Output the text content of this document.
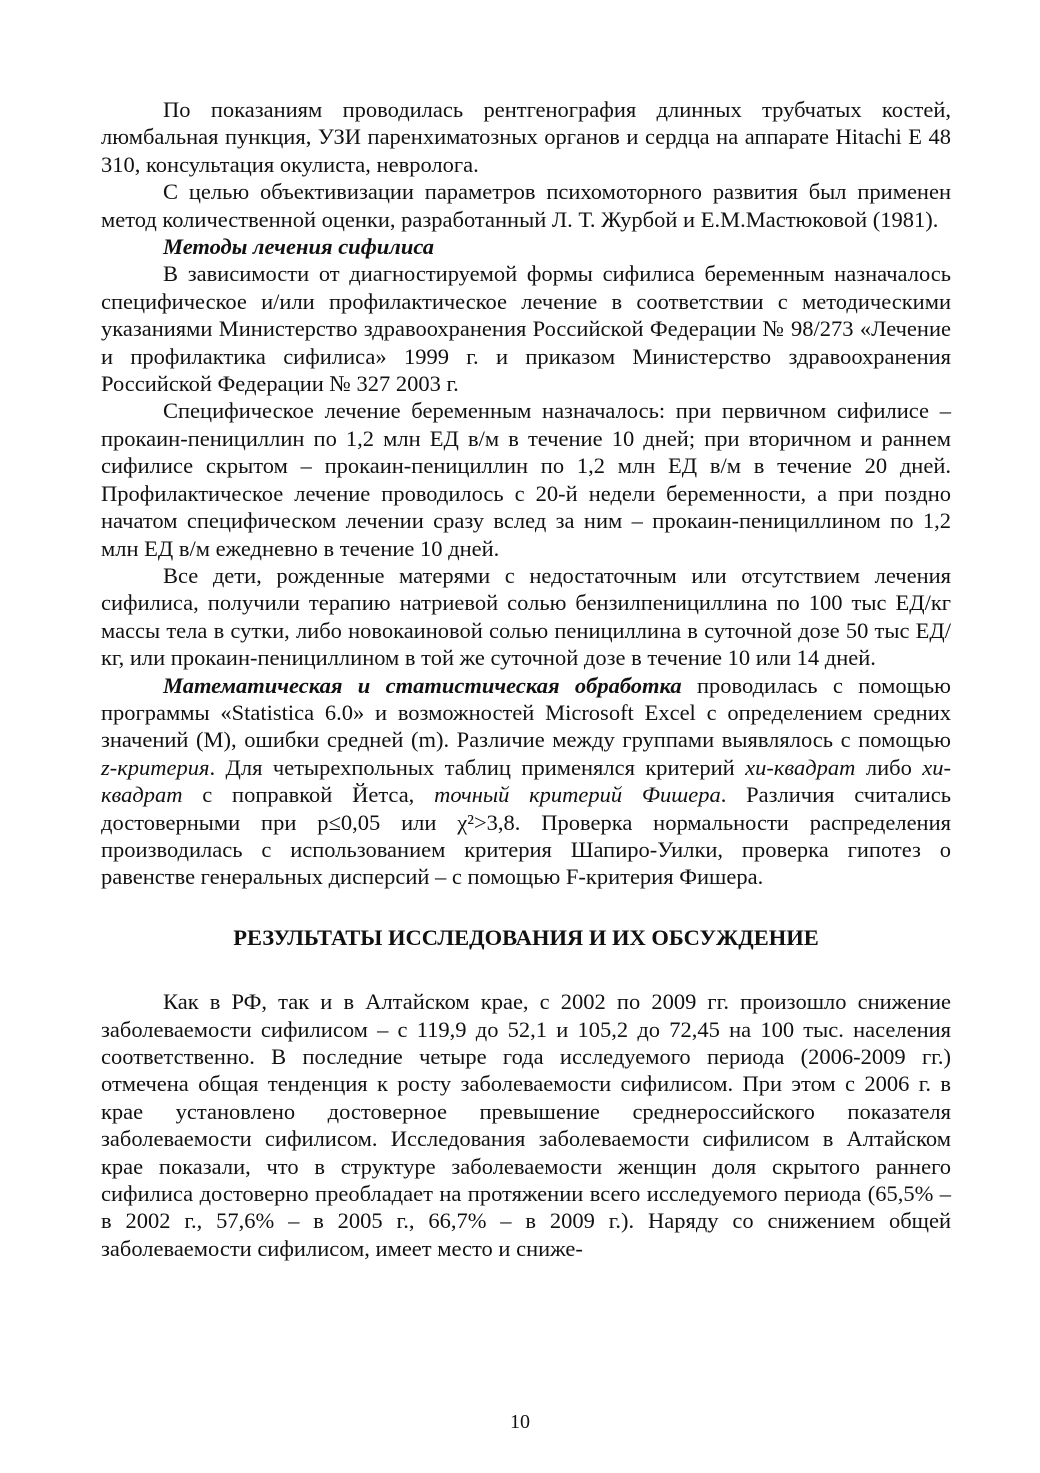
По показаниям проводилась рентгенография длинных трубчатых костей, люмбальная пункция, УЗИ паренхиматозных органов и сердца на аппарате Hitachi E 48 310, консультация окулиста, невролога.

С целью объективизации параметров психомоторного развития был применен метод количественной оценки, разработанный Л. Т. Журбой и Е.М.Мастюковой (1981).

Методы лечения сифилиса

В зависимости от диагностируемой формы сифилиса беременным назначалось специфическое и/или профилактическое лечение в соответствии с методическими указаниями Министерство здравоохранения Российской Федерации № 98/273 «Лечение и профилактика сифилиса» 1999 г. и приказом Министерство здравоохранения Российской Федерации № 327 2003 г.

Специфическое лечение беременным назначалось: при первичном сифилисе – прокаин-пенициллин по 1,2 млн ЕД в/м в течение 10 дней; при вторичном и раннем сифилисе скрытом – прокаин-пенициллин по 1,2 млн ЕД в/м в течение 20 дней. Профилактическое лечение проводилось с 20-й недели беременности, а при поздно начатом специфическом лечении сразу вслед за ним – прокаин-пенициллином по 1,2 млн ЕД в/м ежедневно в течение 10 дней.

Все дети, рожденные матерями с недостаточным или отсутствием лечения сифилиса, получили терапию натриевой солью бензилпенициллина по 100 тыс ЕД/кг массы тела в сутки, либо новокаиновой солью пенициллина в суточной дозе 50 тыс ЕД/кг, или прокаин-пенициллином в той же суточной дозе в течение 10 или 14 дней.

Математическая и статистическая обработка проводилась с помощью программы «Statistica 6.0» и возможностей Microsoft Excel с определением средних значений (M), ошибки средней (m). Различие между группами выявлялось с помощью z-критерия. Для четырехпольных таблиц применялся критерий хи-квадрат либо хи-квадрат с поправкой Йетса, точный критерий Фишера. Различия считались достоверными при p≤0,05 или χ²>3,8. Проверка нормальности распределения производилась с использованием критерия Шапиро-Уилки, проверка гипотез о равенстве генеральных дисперсий – с помощью F-критерия Фишера.

РЕЗУЛЬТАТЫ ИССЛЕДОВАНИЯ И ИХ ОБСУЖДЕНИЕ

Как в РФ, так и в Алтайском крае, с 2002 по 2009 гг. произошло снижение заболеваемости сифилисом – с 119,9 до 52,1 и 105,2 до 72,45 на 100 тыс. населения соответственно. В последние четыре года исследуемого периода (2006-2009 гг.) отмечена общая тенденция к росту заболеваемости сифилисом. При этом с 2006 г. в крае установлено достоверное превышение среднероссийского показателя заболеваемости сифилисом. Исследования заболеваемости сифилисом в Алтайском крае показали, что в структуре заболеваемости женщин доля скрытого раннего сифилиса достоверно преобладает на протяжении всего исследуемого периода (65,5% – в 2002 г., 57,6% – в 2005 г., 66,7% – в 2009 г.). Наряду со снижением общей заболеваемости сифилисом, имеет место и сниже-

10
